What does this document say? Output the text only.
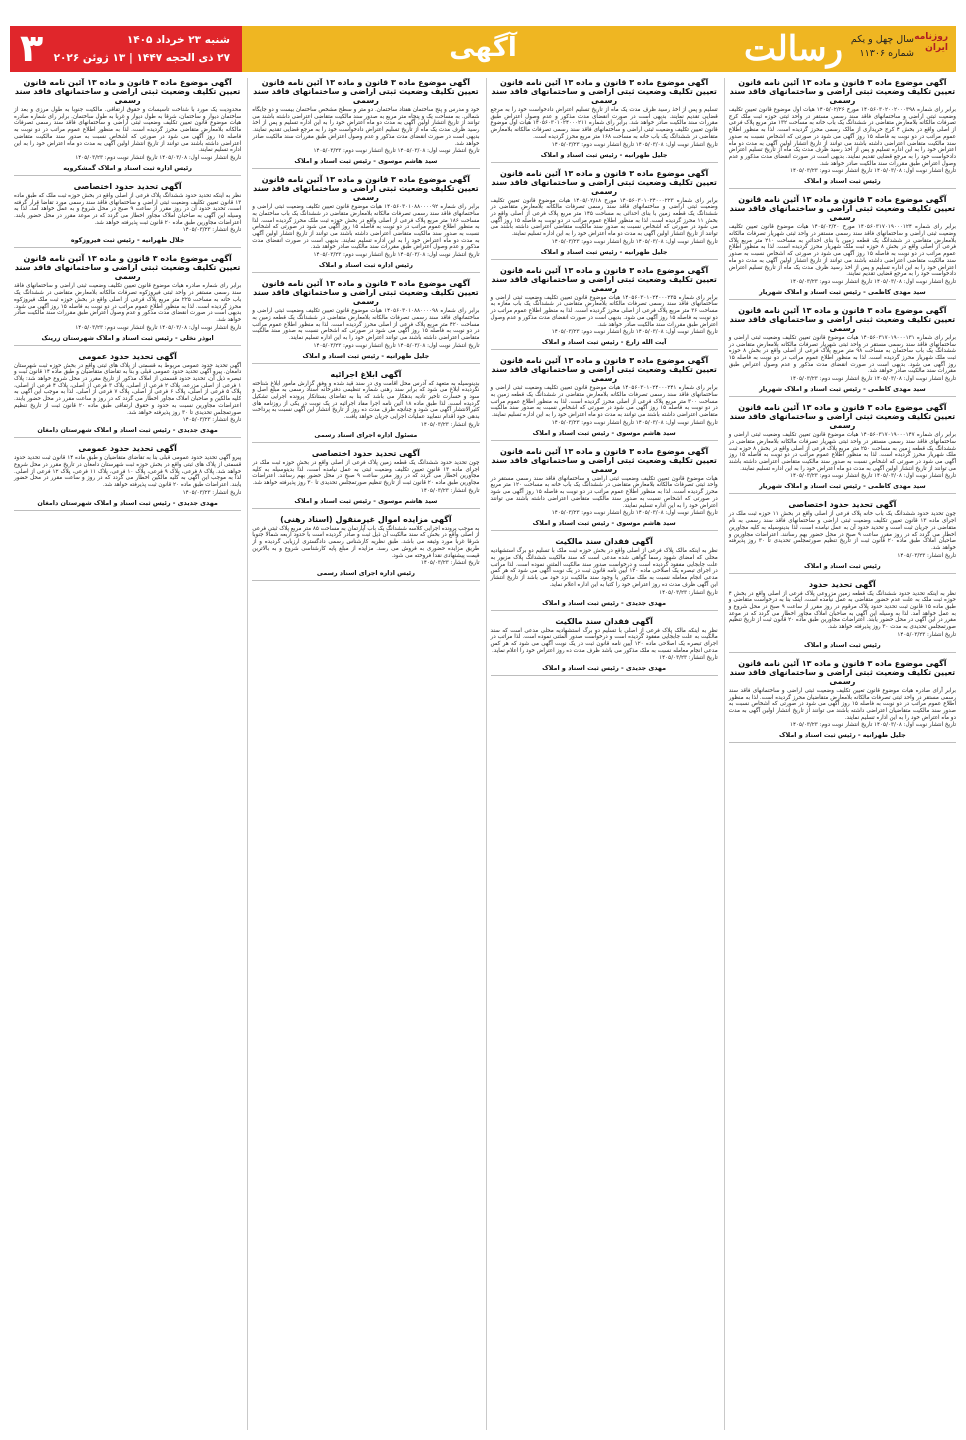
۳	شنبه ۲۳ خرداد ۱۴۰۵
۲۷ ذی الحجه ۱۴۴۷ | ۱۳ ژوئن ۲۰۲۶	آگهی	رسالت	روزنامه
ایران
سال چهل و یکم
شماره ۱۱۳۰۶
آگهی موضوع ماده ۳ قانون و ماده ۱۳ آئین نامه قانون تعیین تکلیف وضعیت ثبتی اراضی و ساختمانهای فاقد سند رسمی
برابر رای شماره ۱۴۰۵۶۰۳۰۲۰۰۲۰۰۰۳۹۸ مورخ ۱۴۰۵/۰۲/۲۶ هیات اول موضوع قانون تعیین تکلیف وضعیت ثبتی اراضی و ساختمانهای فاقد سند رسمی مستقر در واحد ثبتی حوزه ثبت ملک کرج تصرفات مالکانه بلامعارض متقاضی در ششدانگ یک باب خانه به مساحت ۱۳۲ متر مربع پلاک فرعی از اصلی واقع در بخش ۴ کرج خریداری از مالک رسمی محرز گردیده است. لذا به منظور اطلاع عموم مراتب در دو نوبت به فاصله ۱۵ روز آگهی می شود در صورتی که اشخاص نسبت به صدور سند مالکیت متقاضی اعتراضی داشته باشند می توانند از تاریخ انتشار اولین آگهی به مدت دو ماه اعتراض خود را به این اداره تسلیم و پس از اخذ رسید ظرف مدت یک ماه از تاریخ تسلیم اعتراض دادخواست خود را به مرجع قضایی تقدیم نمایند. بدیهی است در صورت انقضای مدت مذکور و عدم وصول اعتراض طبق مقررات سند مالکیت صادر خواهد شد.
تاریخ انتشار نوبت اول: ۱۴۰۵/۰۳/۰۸ تاریخ انتشار نوبت دوم: ۱۴۰۵/۰۳/۲۳
رئیس ثبت اسناد و املاک
آگهی موضوع ماده ۳ قانون و ماده ۱۳ آئین نامه قانون تعیین تکلیف وضعیت ثبتی اراضی و ساختمانهای فاقد سند رسمی
برابر رای شماره ۱۴۰۵۶۰۳۱۷۰۱۹۰۰۰۱۲۴ مورخ ۱۴۰۵/۰۲/۲۰ هیات موضوع قانون تعیین تکلیف وضعیت ثبتی اراضی و ساختمانهای فاقد سند رسمی مستقر در واحد ثبتی شهریار تصرفات مالکانه بلامعارض متقاضی در ششدانگ یک قطعه زمین با بنای احداثی به مساحت ۲۱۰ متر مربع پلاک فرعی از اصلی واقع در بخش ۸ حوزه ثبت ملک شهریار محرز گردیده است. لذا به منظور اطلاع عموم مراتب در دو نوبت به فاصله ۱۵ روز آگهی می شود در صورتی که اشخاص نسبت به صدور سند مالکیت متقاضی اعتراضی داشته باشند می توانند از تاریخ انتشار اولین آگهی به مدت دو ماه اعتراض خود را به این اداره تسلیم و پس از اخذ رسید ظرف مدت یک ماه از تاریخ تسلیم اعتراض دادخواست خود را به مرجع قضایی تقدیم نمایند.
تاریخ انتشار نوبت اول: ۱۴۰۵/۰۳/۰۸ تاریخ انتشار نوبت دوم: ۱۴۰۵/۰۳/۲۳
سید مهدی کاظمی - رئیس ثبت اسناد و املاک شهریار
آگهی موضوع ماده ۳ قانون و ماده ۱۳ آئین نامه قانون تعیین تکلیف وضعیت ثبتی اراضی و ساختمانهای فاقد سند رسمی
برابر رای شماره ۱۴۰۵۶۰۳۱۷۰۱۹۰۰۰۱۳۱ هیات موضوع قانون تعیین تکلیف وضعیت ثبتی اراضی و ساختمانهای فاقد سند رسمی مستقر در واحد ثبتی شهریار تصرفات مالکانه بلامعارض متقاضی در ششدانگ یک باب ساختمان به مساحت ۹۸ متر مربع پلاک فرعی از اصلی واقع در بخش ۸ حوزه ثبت ملک شهریار محرز گردیده است. لذا به منظور اطلاع عموم مراتب در دو نوبت به فاصله ۱۵ روز آگهی می شود. بدیهی است در صورت انقضای مدت مذکور و عدم وصول اعتراض طبق مقررات سند مالکیت صادر خواهد شد.
تاریخ انتشار نوبت اول: ۱۴۰۵/۰۳/۰۸ تاریخ انتشار نوبت دوم: ۱۴۰۵/۰۳/۲۳
سید مهدی کاظمی - رئیس ثبت اسناد و املاک شهریار
آگهی موضوع ماده ۳ قانون و ماده ۱۳ آئین نامه قانون تعیین تکلیف وضعیت ثبتی اراضی و ساختمانهای فاقد سند رسمی
برابر رای شماره ۱۴۰۵۶۰۳۱۷۰۱۹۰۰۰۱۴۷ هیات موضوع قانون تعیین تکلیف وضعیت ثبتی اراضی و ساختمانهای فاقد سند رسمی مستقر در واحد ثبتی شهریار تصرفات مالکانه بلامعارض متقاضی در ششدانگ یک قطعه زمین به مساحت ۲۵۰ متر مربع پلاک فرعی از اصلی واقع در بخش ۸ حوزه ثبت ملک شهریار محرز گردیده است. لذا به منظور اطلاع عموم مراتب در دو نوبت به فاصله ۱۵ روز آگهی می شود در صورتی که اشخاص نسبت به صدور سند مالکیت متقاضی اعتراضی داشته باشند می توانند از تاریخ انتشار اولین آگهی به مدت دو ماه اعتراض خود را به این اداره تسلیم نمایند.
تاریخ انتشار نوبت اول: ۱۴۰۵/۰۳/۰۸ تاریخ انتشار نوبت دوم: ۱۴۰۵/۰۳/۲۳
سید مهدی کاظمی - رئیس ثبت اسناد و املاک شهریار
آگهی تحدید حدود اختصاصی
چون تحدید حدود ششدانگ یک باب خانه پلاک فرعی از اصلی واقع در بخش ۱۱ حوزه ثبت ملک در اجرای ماده ۱۳ قانون تعیین تکلیف وضعیت ثبتی اراضی و ساختمانهای فاقد سند رسمی به نام متقاضی در جریان ثبت است و تحدید حدود آن به عمل نیامده است، لذا بدینوسیله به کلیه مجاورین اخطار می گردد که در روز مقرر ساعت ۹ صبح در محل حضور بهم رسانند. اعتراضات مجاورین و صاحبان املاک طبق ماده ۲۰ قانون ثبت از تاریخ تنظیم صورتمجلس تحدیدی تا ۳۰ روز پذیرفته خواهد شد.
تاریخ انتشار: ۱۴۰۵/۰۳/۲۳
رئیس ثبت اسناد و املاک
آگهی تحدید حدود
نظر به اینکه تحدید حدود ششدانگ یک قطعه زمین مزروعی پلاک فرعی از اصلی واقع در بخش ۴ حوزه ثبت ملک به علت عدم حضور متقاضی به عمل نیامده است، اینک بنا به درخواست متقاضی و طبق ماده ۱۵ قانون ثبت تحدید حدود پلاک مرقوم در روز مقرر از ساعت ۹ صبح در محل شروع و به عمل خواهد آمد. لذا به وسیله این آگهی به صاحبان املاک مجاور اخطار می گردد که در موعد مقرر در این آگهی در محل حضور یابند. اعتراضات مجاورین طبق ماده ۲۰ قانون ثبت از تاریخ تنظیم صورتمجلس تحدیدی به مدت ۳۰ روز پذیرفته خواهد شد.
تاریخ انتشار: ۱۴۰۵/۰۳/۲۳
رئیس ثبت اسناد و املاک
آگهی موضوع ماده ۳ قانون و ماده ۱۳ آئین نامه قانون تعیین تکلیف وضعیت ثبتی اراضی و ساختمانهای فاقد سند رسمی
برابر آرای صادره هیات موضوع قانون تعیین تکلیف وضعیت ثبتی اراضی و ساختمانهای فاقد سند رسمی مستقر در واحد ثبتی تصرفات مالکانه بلامعارض متقاضیان محرز گردیده است. لذا به منظور اطلاع عموم مراتب در دو نوبت به فاصله ۱۵ روز آگهی می شود در صورتی که اشخاص نسبت به صدور سند مالکیت متقاضیان اعتراضی داشته باشند می توانند از تاریخ انتشار اولین آگهی به مدت دو ماه اعتراض خود را به این اداره تسلیم نمایند.
تاریخ انتشار نوبت اول: ۱۴۰۵/۰۳/۰۸ تاریخ انتشار نوبت دوم: ۱۴۰۵/۰۳/۲۳
جلیل طهرانیه - رئیس ثبت اسناد و املاک
آگهی موضوع ماده ۳ قانون و ماده ۱۳ آئین نامه قانون تعیین تکلیف وضعیت ثبتی اراضی و ساختمانهای فاقد سند رسمی
تسلیم و پس از اخذ رسید ظرف مدت یک ماه از تاریخ تسلیم اعتراض دادخواست خود را به مرجع قضایی تقدیم نمایند. بدیهی است در صورت انقضای مدت مذکور و عدم وصول اعتراض طبق مقررات سند مالکیت صادر خواهد شد. برابر رای شماره ۱۴۰۵۶۰۳۰۱۰۲۴۰۰۰۲۱۱ هیات اول موضوع قانون تعیین تکلیف وضعیت ثبتی اراضی و ساختمانهای فاقد سند رسمی تصرفات مالکانه بلامعارض متقاضی در ششدانگ یک باب خانه به مساحت ۱۶۸ متر مربع محرز گردیده است.
تاریخ انتشار نوبت اول: ۱۴۰۵/۰۳/۰۸ تاریخ انتشار نوبت دوم: ۱۴۰۵/۰۳/۲۳
جلیل طهرانیه - رئیس ثبت اسناد و املاک
آگهی موضوع ماده ۳ قانون و ماده ۱۳ آئین نامه قانون تعیین تکلیف وضعیت ثبتی اراضی و ساختمانهای فاقد سند رسمی
برابر رای شماره ۱۴۰۵۶۰۳۰۱۰۲۴۰۰۰۲۲۳ مورخ ۱۴۰۵/۰۲/۱۸ هیات موضوع قانون تعیین تکلیف وضعیت ثبتی اراضی و ساختمانهای فاقد سند رسمی تصرفات مالکانه بلامعارض متقاضی در ششدانگ یک قطعه زمین با بنای احداثی به مساحت ۱۴۵ متر مربع پلاک فرعی از اصلی واقع در بخش ۱۱ محرز گردیده است. لذا به منظور اطلاع عموم مراتب در دو نوبت به فاصله ۱۵ روز آگهی می شود در صورتی که اشخاص نسبت به صدور سند مالکیت متقاضی اعتراضی داشته باشند می توانند از تاریخ انتشار اولین آگهی به مدت دو ماه اعتراض خود را به این اداره تسلیم نمایند.
تاریخ انتشار نوبت اول: ۱۴۰۵/۰۳/۰۸ تاریخ انتشار نوبت دوم: ۱۴۰۵/۰۳/۲۳
جلیل طهرانیه - رئیس ثبت اسناد و املاک
آگهی موضوع ماده ۳ قانون و ماده ۱۳ آئین نامه قانون تعیین تکلیف وضعیت ثبتی اراضی و ساختمانهای فاقد سند رسمی
برابر رای شماره ۱۴۰۵۶۰۳۰۱۰۲۴۰۰۰۲۳۵ هیات موضوع قانون تعیین تکلیف وضعیت ثبتی اراضی و ساختمانهای فاقد سند رسمی تصرفات مالکانه بلامعارض متقاضی در ششدانگ یک باب مغازه به مساحت ۳۶ متر مربع پلاک فرعی از اصلی محرز گردیده است. لذا به منظور اطلاع عموم مراتب در دو نوبت به فاصله ۱۵ روز آگهی می شود. بدیهی است در صورت انقضای مدت مذکور و عدم وصول اعتراض طبق مقررات سند مالکیت صادر خواهد شد.
تاریخ انتشار نوبت اول: ۱۴۰۵/۰۳/۰۸ تاریخ انتشار نوبت دوم: ۱۴۰۵/۰۳/۲۳
آیت الله زارع - رئیس ثبت اسناد و املاک
آگهی موضوع ماده ۳ قانون و ماده ۱۳ آئین نامه قانون تعیین تکلیف وضعیت ثبتی اراضی و ساختمانهای فاقد سند رسمی
برابر رای شماره ۱۴۰۵۶۰۳۰۱۰۲۴۰۰۰۲۴۱ هیات موضوع قانون تعیین تکلیف وضعیت ثبتی اراضی و ساختمانهای فاقد سند رسمی تصرفات مالکانه بلامعارض متقاضی در ششدانگ یک قطعه زمین به مساحت ۳۰۰ متر مربع پلاک فرعی از اصلی محرز گردیده است. لذا به منظور اطلاع عموم مراتب در دو نوبت به فاصله ۱۵ روز آگهی می شود در صورتی که اشخاص نسبت به صدور سند مالکیت متقاضی اعتراضی داشته باشند می توانند به مدت دو ماه اعتراض خود را به این اداره تسلیم نمایند.
تاریخ انتشار نوبت اول: ۱۴۰۵/۰۳/۰۸ تاریخ انتشار نوبت دوم: ۱۴۰۵/۰۳/۲۳
سید هاشم موسوی - رئیس ثبت اسناد و املاک
آگهی موضوع ماده ۳ قانون و ماده ۱۳ آئین نامه قانون تعیین تکلیف وضعیت ثبتی اراضی و ساختمانهای فاقد سند رسمی
هیات موضوع قانون تعیین تکلیف وضعیت ثبتی اراضی و ساختمانهای فاقد سند رسمی مستقر در واحد ثبتی تصرفات مالکانه بلامعارض متقاضی در ششدانگ یک باب خانه به مساحت ۱۲۰ متر مربع محرز گردیده است. لذا به منظور اطلاع عموم مراتب در دو نوبت به فاصله ۱۵ روز آگهی می شود در صورتی که اشخاص نسبت به صدور سند مالکیت متقاضی اعتراضی داشته باشند می توانند اعتراض خود را به این اداره تسلیم نمایند.
تاریخ انتشار نوبت اول: ۱۴۰۵/۰۳/۰۸ تاریخ انتشار نوبت دوم: ۱۴۰۵/۰۳/۲۳
سید هاشم موسوی - رئیس ثبت اسناد و املاک
آگهی فقدان سند مالکیت
نظر به اینکه مالک پلاک فرعی از اصلی واقع در بخش حوزه ثبت ملک با تسلیم دو برگ استشهادیه محلی که امضای شهود رسما گواهی شده مدعی است که سند مالکیت ششدانگ پلاک مزبور به علت جابجایی مفقود گردیده است و درخواست صدور سند مالکیت المثنی نموده است. لذا مراتب در اجرای تبصره یک اصلاحی ماده ۱۲۰ آیین نامه قانون ثبت در یک نوبت آگهی می شود که هر کس مدعی انجام معامله نسبت به ملک مذکور یا وجود سند مالکیت نزد خود می باشد از تاریخ انتشار این آگهی ظرف مدت ده روز اعتراض خود را کتبا به این اداره اعلام نماید.
تاریخ انتشار: ۱۴۰۵/۰۳/۲۳
مهدی جدیدی - رئیس ثبت اسناد و املاک
آگهی فقدان سند مالکیت
نظر به اینکه مالک پلاک فرعی از اصلی با تسلیم دو برگ استشهادیه محلی مدعی است که سند مالکیت به علت جابجایی مفقود گردیده است و درخواست صدور المثنی نموده است. لذا مراتب در اجرای تبصره یک اصلاحی ماده ۱۲۰ آیین نامه قانون ثبت در یک نوبت آگهی می شود که هر کس مدعی انجام معامله نسبت به ملک مذکور می باشد ظرف مدت ده روز اعتراض خود را اعلام نماید.
تاریخ انتشار: ۱۴۰۵/۰۳/۲۳
مهدی جدیدی - رئیس ثبت اسناد و املاک
آگهی موضوع ماده ۳ قانون و ماده ۱۳ آئین نامه قانون تعیین تکلیف وضعیت ثبتی اراضی و ساختمانهای فاقد سند رسمی
خود و مدرس و پنج ساختمان هفتاد ساختمان. دو متر و سطح مشخص ساختمان بیست و دو جایگاه شمالی. به مساحت یک و پنجاه متر مربع به صدور سند مالکیت متقاضی اعتراضی داشته باشند می توانند از تاریخ انتشار اولین آگهی به مدت دو ماه اعتراض خود را به این اداره تسلیم و پس از اخذ رسید ظرف مدت یک ماه از تاریخ تسلیم اعتراض دادخواست خود را به مرجع قضایی تقدیم نمایند. بدیهی است در صورت انقضای مدت مذکور و عدم وصول اعتراض طبق مقررات سند مالکیت صادر خواهد شد.
تاریخ انتشار نوبت اول: ۱۴۰۵/۰۳/۰۸ تاریخ انتشار نوبت دوم: ۱۴۰۵/۰۳/۲۳
سید هاشم موسوی - رئیس ثبت اسناد و املاک
آگهی موضوع ماده ۳ قانون و ماده ۱۳ آئین نامه قانون تعیین تکلیف وضعیت ثبتی اراضی و ساختمانهای فاقد سند رسمی
برابر رای شماره ۱۴۰۵۶۰۳۰۱۰۸۸۰۰۰۰۹۲ هیات موضوع قانون تعیین تکلیف وضعیت ثبتی اراضی و ساختمانهای فاقد سند رسمی تصرفات مالکانه بلامعارض متقاضی در ششدانگ یک باب ساختمان به مساحت ۱۸۶ متر مربع پلاک فرعی از اصلی واقع در بخش حوزه ثبت ملک محرز گردیده است. لذا به منظور اطلاع عموم مراتب در دو نوبت به فاصله ۱۵ روز آگهی می شود در صورتی که اشخاص نسبت به صدور سند مالکیت متقاضی اعتراضی داشته باشند می توانند از تاریخ انتشار اولین آگهی به مدت دو ماه اعتراض خود را به این اداره تسلیم نمایند. بدیهی است در صورت انقضای مدت مذکور و عدم وصول اعتراض طبق مقررات سند مالکیت صادر خواهد شد.
تاریخ انتشار نوبت اول: ۱۴۰۵/۰۳/۰۸ تاریخ انتشار نوبت دوم: ۱۴۰۵/۰۳/۲۳
رئیس اداره ثبت اسناد و املاک
آگهی موضوع ماده ۳ قانون و ماده ۱۳ آئین نامه قانون تعیین تکلیف وضعیت ثبتی اراضی و ساختمانهای فاقد سند رسمی
برابر رای شماره ۱۴۰۵۶۰۳۰۱۰۸۸۰۰۰۰۹۸ هیات موضوع قانون تعیین تکلیف وضعیت ثبتی اراضی و ساختمانهای فاقد سند رسمی تصرفات مالکانه بلامعارض متقاضی در ششدانگ یک قطعه زمین به مساحت ۴۲۰ متر مربع پلاک فرعی از اصلی محرز گردیده است. لذا به منظور اطلاع عموم مراتب در دو نوبت به فاصله ۱۵ روز آگهی می شود در صورتی که اشخاص نسبت به صدور سند مالکیت متقاضی اعتراضی داشته باشند می توانند اعتراض خود را به این اداره تسلیم نمایند.
تاریخ انتشار نوبت اول: ۱۴۰۵/۰۳/۰۸ تاریخ انتشار نوبت دوم: ۱۴۰۵/۰۳/۲۳
جلیل طهرانیه - رئیس ثبت اسناد و املاک
آگهی ابلاغ اجرائیه
بدینوسیله به متعهد که آدرس محل اقامت وی در سند قید شده و وفق گزارش مامور ابلاغ شناخته نگردیده ابلاغ می شود که برابر سند رهنی شماره تنظیمی دفترخانه اسناد رسمی به مبلغ اصل و سود و خسارت تاخیر تادیه بدهکار می باشد که بنا به تقاضای بستانکار پرونده اجرایی تشکیل گردیده است. لذا طبق ماده ۱۸ آئین نامه اجرا مفاد اجرائیه در یک نوبت در یکی از روزنامه های کثیرالانتشار آگهی می شود و چنانچه ظرف مدت ده روز از تاریخ انتشار این آگهی نسبت به پرداخت بدهی خود اقدام ننمایید عملیات اجرایی جریان خواهد یافت.
تاریخ انتشار: ۱۴۰۵/۰۳/۲۳
مسئول اداره اجرای اسناد رسمی
آگهی تحدید حدود اختصاصی
چون تحدید حدود ششدانگ یک قطعه زمین پلاک فرعی از اصلی واقع در بخش حوزه ثبت ملک در اجرای ماده ۱۳ قانون تعیین تکلیف وضعیت ثبتی به عمل نیامده است، لذا بدینوسیله به کلیه مجاورین اخطار می گردد که در روز مقرر ساعت ۹ صبح در محل حضور بهم رسانند. اعتراضات مجاورین طبق ماده ۲۰ قانون ثبت از تاریخ تنظیم صورتمجلس تحدیدی تا ۳۰ روز پذیرفته خواهد شد.
تاریخ انتشار: ۱۴۰۵/۰۳/۲۳
سید هاشم موسوی - رئیس ثبت اسناد و املاک
آگهی مزایده اموال غیرمنقول (اسناد رهنی)
به موجب پرونده اجرایی کلاسه ششدانگ یک باب آپارتمان به مساحت ۸۵ متر مربع پلاک ثبتی فرعی از اصلی واقع در بخش که سند مالکیت آن ذیل ثبت و صادر گردیده است با حدود اربعه شمالا جنوبا شرقا غربا مورد وثیقه می باشد. طبق نظریه کارشناس رسمی دادگستری ارزیابی گردیده و از طریق مزایده حضوری به فروش می رسد. مزایده از مبلغ پایه کارشناسی شروع و به بالاترین قیمت پیشنهادی نقدا فروخته می شود.
تاریخ انتشار: ۱۴۰۵/۰۳/۲۳
رئیس اداره اجرای اسناد رسمی
آگهی موضوع ماده ۳ قانون و ماده ۱۳ آئین نامه قانون تعیین تکلیف وضعیت ثبتی اراضی و ساختمانهای فاقد سند رسمی
محدودیت یک مورد با شناخت تاسیسات و حقوق ارتفاقی. مالکیت جنوبا به طول مرزی و بعد از ساختمان دیوار و ساختمان، شرقا به طول دیوار و غربا به طول ساختمان. برابر رای شماره صادره هیات موضوع قانون تعیین تکلیف وضعیت ثبتی اراضی و ساختمانهای فاقد سند رسمی تصرفات مالکانه بلامعارض متقاضی محرز گردیده است. لذا به منظور اطلاع عموم مراتب در دو نوبت به فاصله ۱۵ روز آگهی می شود در صورتی که اشخاص نسبت به صدور سند مالکیت متقاضی اعتراضی داشته باشند می توانند از تاریخ انتشار اولین آگهی به مدت دو ماه اعتراض خود را به این اداره تسلیم نمایند.
تاریخ انتشار نوبت اول: ۱۴۰۵/۰۳/۰۸ تاریخ انتشار نوبت دوم: ۱۴۰۵/۰۳/۲۳
رئیس اداره ثبت اسناد و املاک گمشکرویه
آگهی تحدید حدود اختصاصی
نظر به اینکه تحدید حدود ششدانگ پلاک فرعی از اصلی واقع در بخش حوزه ثبت ملک که طبق ماده ۱۳ قانون تعیین تکلیف وضعیت ثبتی اراضی و ساختمانهای فاقد سند رسمی مورد تقاضا قرار گرفته است، تحدید حدود آن در روز مقرر از ساعت ۹ صبح در محل شروع و به عمل خواهد آمد. لذا به وسیله این آگهی به صاحبان املاک مجاور اخطار می گردد که در موعد مقرر در محل حضور یابند. اعتراضات مجاورین طبق ماده ۲۰ قانون ثبت پذیرفته خواهد شد.
تاریخ انتشار: ۱۴۰۵/۰۳/۲۳
جلال طهرانیه - رئیس ثبت فیروزکوه
آگهی موضوع ماده ۳ قانون و ماده ۱۳ آئین نامه قانون تعیین تکلیف وضعیت ثبتی اراضی و ساختمانهای فاقد سند رسمی
برابر رای شماره صادره هیات موضوع قانون تعیین تکلیف وضعیت ثبتی اراضی و ساختمانهای فاقد سند رسمی مستقر در واحد ثبتی فیروزکوه تصرفات مالکانه بلامعارض متقاضی در ششدانگ یک باب خانه به مساحت ۲۲۵ متر مربع پلاک فرعی از اصلی واقع در بخش حوزه ثبت ملک فیروزکوه محرز گردیده است. لذا به منظور اطلاع عموم مراتب در دو نوبت به فاصله ۱۵ روز آگهی می شود. بدیهی است در صورت انقضای مدت مذکور و عدم وصول اعتراض طبق مقررات سند مالکیت صادر خواهد شد.
تاریخ انتشار نوبت اول: ۱۴۰۵/۰۳/۰۸ تاریخ انتشار نوبت دوم: ۱۴۰۵/۰۳/۲۳
ابوذر نخلی - رئیس ثبت اسناد و املاک شهرستان زرینک
آگهی تحدید حدود عمومی
آگهی تحدید حدود عمومی مربوط به قسمتی از پلاک های ثبتی واقع در بخش حوزه ثبت شهرستان دامغان. پیرو آگهی تحدید حدود عمومی قبلی و بنا به تقاضای متقاضیان و طبق ماده ۱۴ قانون ثبت و تبصره ذیل آن، تحدید حدود قسمتی از املاک مذکور از تاریخ مقرر در محل شروع خواهد شد: پلاک ۱ فرعی از اصلی مزرعه، پلاک ۲ فرعی از اصلی، پلاک ۳ فرعی از اصلی، پلاک ۴ فرعی از اصلی، پلاک ۵ فرعی از اصلی، پلاک ۶ فرعی از اصلی، پلاک ۷ فرعی از اصلی. لذا به موجب این آگهی به کلیه مالکین و صاحبان املاک مجاور اخطار می گردد که در روز و ساعت مقرر در محل حضور یابند. اعتراضات مجاورین نسبت به حدود و حقوق ارتفاقی طبق ماده ۲۰ قانون ثبت از تاریخ تنظیم صورتمجلس تحدیدی تا ۳۰ روز پذیرفته خواهد شد.
تاریخ انتشار: ۱۴۰۵/۰۳/۲۳
مهدی جدیدی - رئیس ثبت اسناد و املاک شهرستان دامغان
آگهی تحدید حدود عمومی
پیرو آگهی تحدید حدود عمومی قبلی بنا به تقاضای متقاضیان و طبق ماده ۱۴ قانون ثبت تحدید حدود قسمتی از پلاک های ثبتی واقع در بخش حوزه ثبت شهرستان دامغان در تاریخ مقرر در محل شروع خواهد شد. پلاک ۸ فرعی، پلاک ۹ فرعی، پلاک ۱۰ فرعی، پلاک ۱۱ فرعی، پلاک ۱۲ فرعی از اصلی. لذا به موجب این آگهی به کلیه مالکین اخطار می گردد که در روز و ساعت مقرر در محل حضور یابند. اعتراضات طبق ماده ۲۰ قانون ثبت پذیرفته خواهد شد.
تاریخ انتشار: ۱۴۰۵/۰۳/۲۳
مهدی جدیدی - رئیس ثبت اسناد و املاک شهرستان دامغان
